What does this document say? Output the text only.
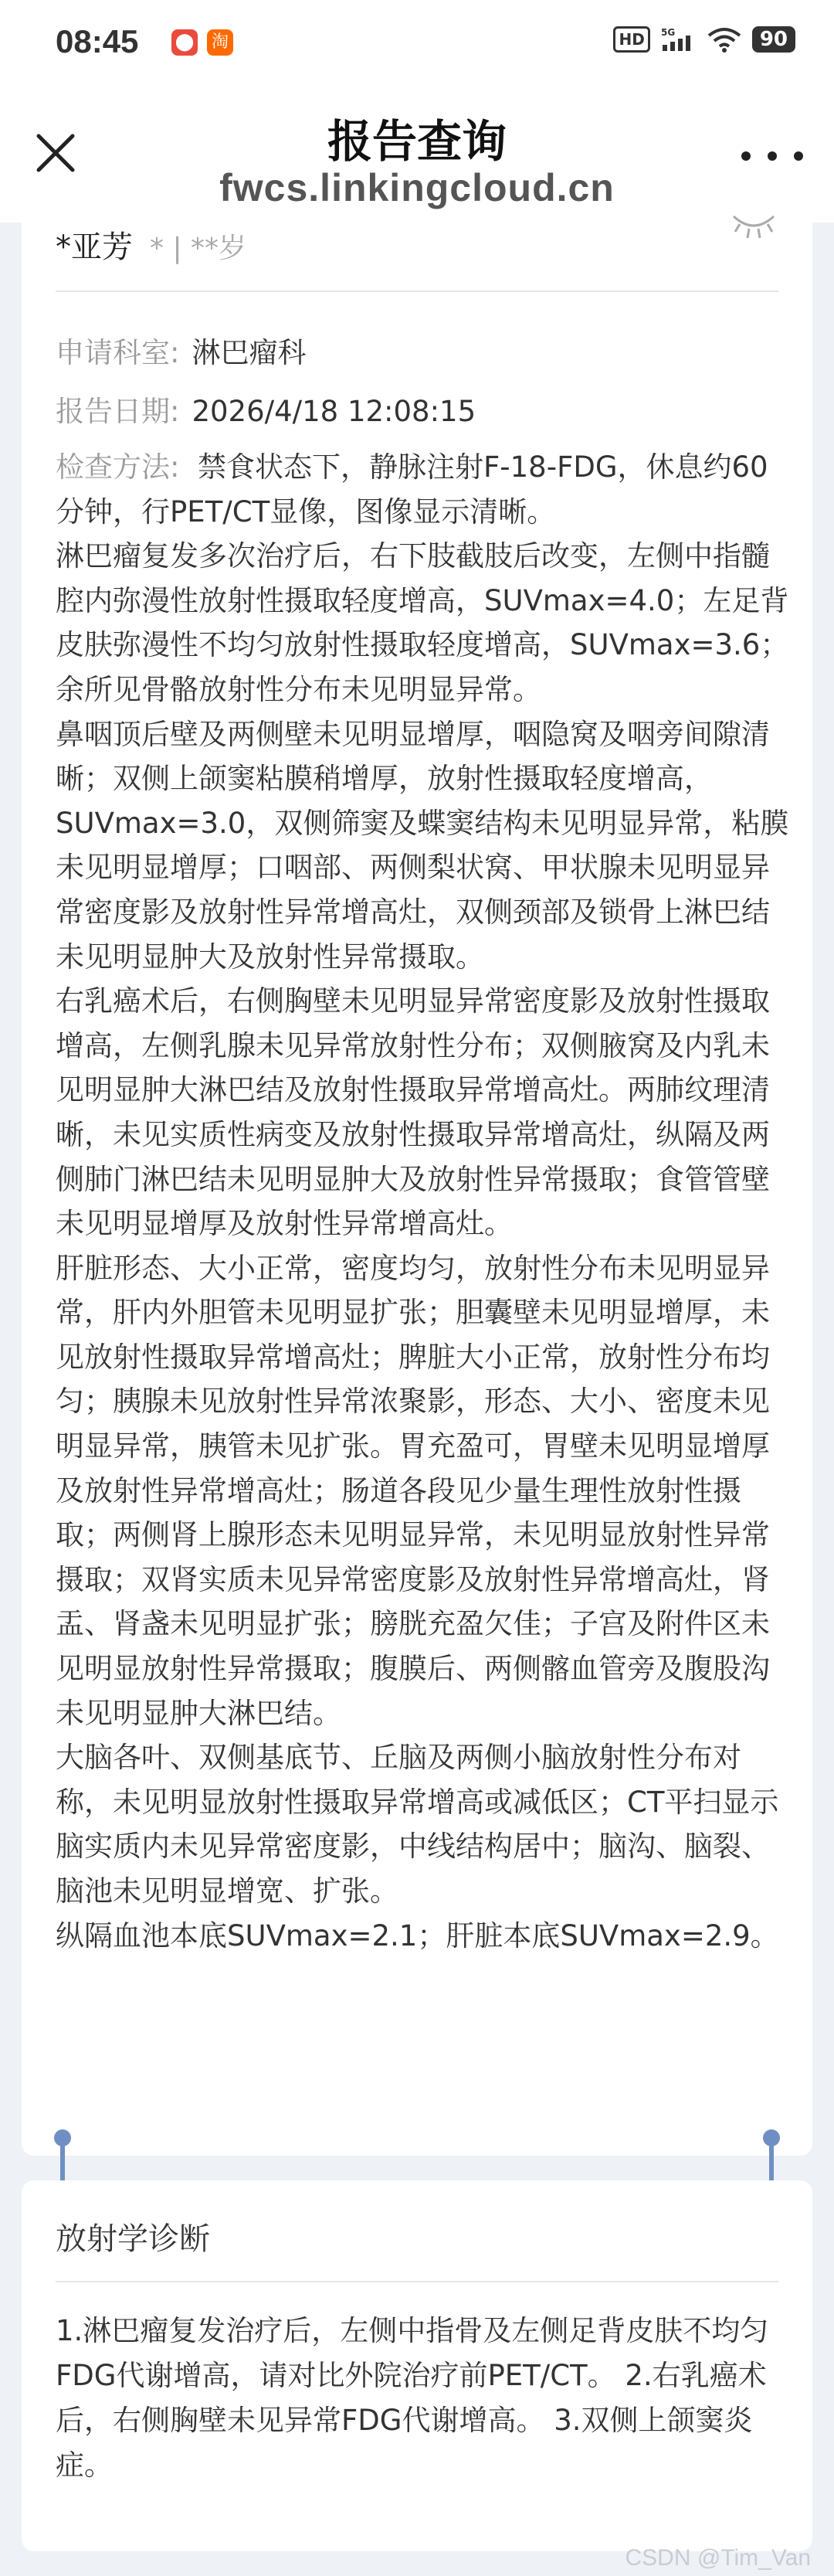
08:45 ⬤ 淘	HD	5G	90
报告查询
fwcs.linkingcloud.cn
*亚芳 * | **岁
申请科室: 淋巴瘤科
报告日期: 2026/4/18 12:08:15

检查方法: 禁食状态下，静脉注射F-18-FDG，休息约60分钟，行PET/CT显像，图像显示清晰。

淋巴瘤复发多次治疗后，右下肢截肢后改变，左侧中指髓腔内弥漫性放射性摄取轻度增高，SUVmax=4.0；左足背皮肤弥漫性不均匀放射性摄取轻度增高，SUVmax=3.6；余所见骨骼放射性分布未见明显异常。

鼻咽顶后壁及两侧壁未见明显增厚，咽隐窝及咽旁间隙清晰；双侧上颌窦粘膜稍增厚，放射性摄取轻度增高，SUVmax=3.0，双侧筛窦及蝶窦结构未见明显异常，粘膜未见明显增厚；口咽部、两侧梨状窝、甲状腺未见明显异常密度影及放射性异常增高灶，双侧颈部及锁骨上淋巴结未见明显肿大及放射性异常摄取。

右乳癌术后，右侧胸壁未见明显异常密度影及放射性摄取增高，左侧乳腺未见异常放射性分布；双侧腋窝及内乳未见明显肿大淋巴结及放射性摄取异常增高灶。两肺纹理清晰，未见实质性病变及放射性摄取异常增高灶，纵隔及两侧肺门淋巴结未见明显肿大及放射性异常摄取；食管管壁未见明显增厚及放射性异常增高灶。

肝脏形态、大小正常，密度均匀，放射性分布未见明显异常，肝内外胆管未见明显扩张；胆囊壁未见明显增厚，未见放射性摄取异常增高灶；脾脏大小正常，放射性分布均匀；胰腺未见放射性异常浓聚影，形态、大小、密度未见明显异常，胰管未见扩张。胃充盈可，胃壁未见明显增厚及放射性异常增高灶；肠道各段见少量生理性放射性摄取；两侧肾上腺形态未见明显异常，未见明显放射性异常摄取；双肾实质未见异常密度影及放射性异常增高灶，肾盂、肾盏未见明显扩张；膀胱充盈欠佳；子宫及附件区未见明显放射性异常摄取；腹膜后、两侧髂血管旁及腹股沟未见明显肿大淋巴结。

大脑各叶、双侧基底节、丘脑及两侧小脑放射性分布对称，未见明显放射性摄取异常增高或减低区；CT平扫显示脑实质内未见异常密度影，中线结构居中；脑沟、脑裂、脑池未见明显增宽、扩张。

纵隔血池本底SUVmax=2.1；肝脏本底SUVmax=2.9。

放射学诊断
1.淋巴瘤复发治疗后，左侧中指骨及左侧足背皮肤不均匀FDG代谢增高，请对比外院治疗前PET/CT。 2.右乳癌术后，右侧胸壁未见异常FDG代谢增高。 3.双侧上颌窦炎症。
CSDN @Tim_Van
